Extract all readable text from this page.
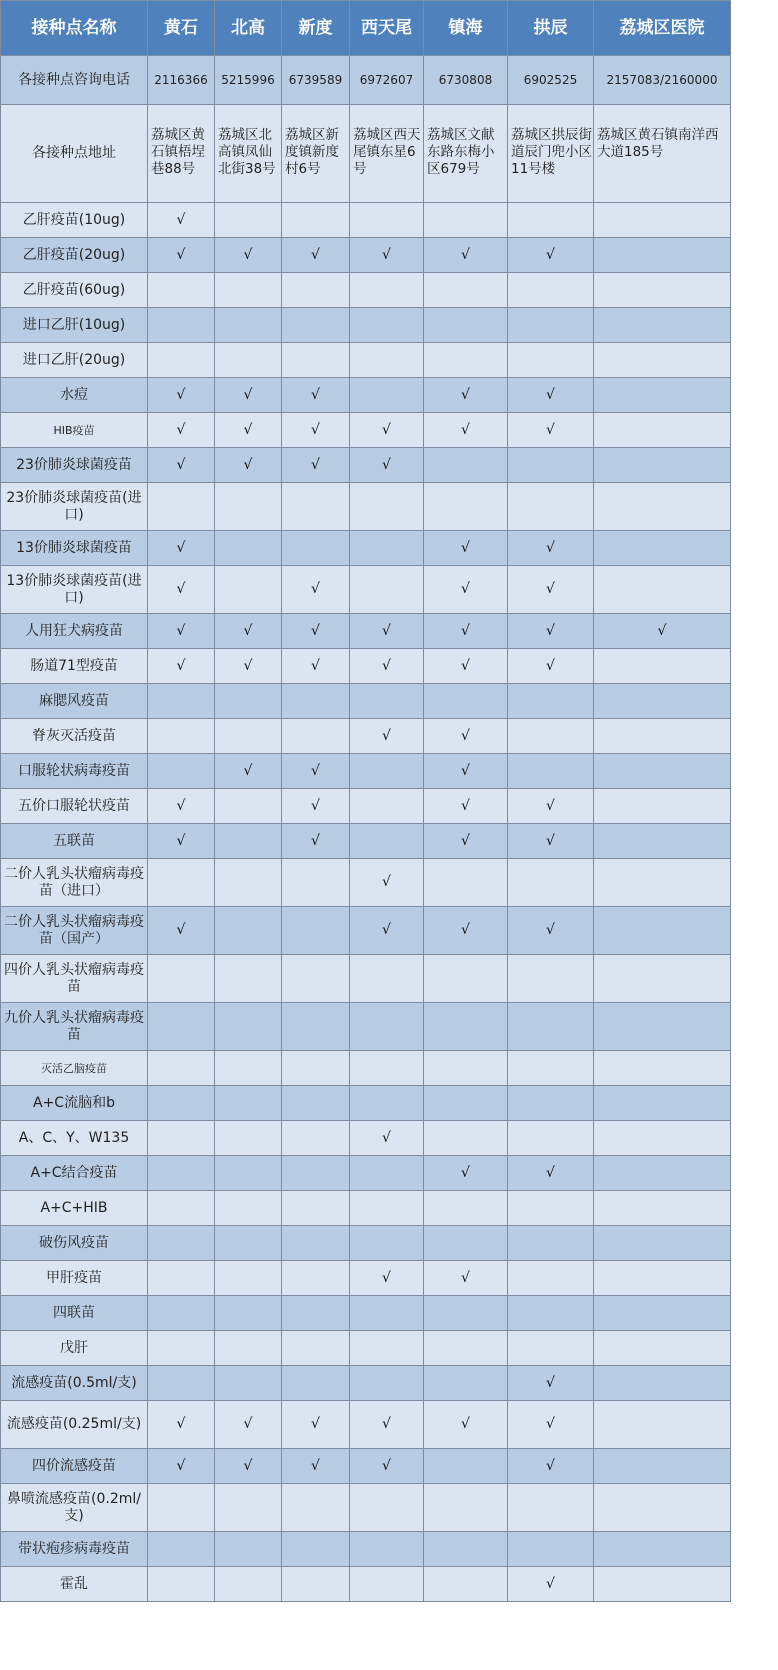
接种点名称	黄石	北高	新度	西天尾	镇海	拱辰	荔城区医院
各接种点咨询电话	2116366	5215996	6739589	6972607	6730808	6902525	2157083/2160000
各接种点地址	荔城区黄石镇梧埕巷88号	荔城区北高镇凤仙北街38号	荔城区新度镇新度村6号	荔城区西天尾镇东星6号	荔城区文献东路东梅小区679号	荔城区拱辰街道辰门兜小区11号楼	荔城区黄石镇南洋西大道185号
乙肝疫苗(10ug)	√						
乙肝疫苗(20ug)	√	√	√	√	√	√	
乙肝疫苗(60ug)							
进口乙肝(10ug)							
进口乙肝(20ug)							
水痘	√	√	√		√	√	
HIB疫苗	√	√	√	√	√	√	
23价肺炎球菌疫苗	√	√	√	√			
23价肺炎球菌疫苗(进口)							
13价肺炎球菌疫苗	√				√	√	
13价肺炎球菌疫苗(进口)	√		√		√	√	
人用狂犬病疫苗	√	√	√	√	√	√	√
肠道71型疫苗	√	√	√	√	√	√	
麻腮风疫苗							
脊灰灭活疫苗				√	√		
口服轮状病毒疫苗		√	√		√		
五价口服轮状疫苗	√		√		√	√	
五联苗	√		√		√	√	
二价人乳头状瘤病毒疫苗（进口）				√			
二价人乳头状瘤病毒疫苗（国产）	√			√	√	√	
四价人乳头状瘤病毒疫苗							
九价人乳头状瘤病毒疫苗							
灭活乙脑疫苗							
A+C流脑和b							
A、C、Y、W135				√			
A+C结合疫苗					√	√	
A+C+HIB							
破伤风疫苗							
甲肝疫苗				√	√		
四联苗							
戊肝							
流感疫苗(0.5ml/支)						√	
流感疫苗(0.25ml/支)	√	√	√	√	√	√	
四价流感疫苗	√	√	√	√		√	
鼻喷流感疫苗(0.2ml/支)							
带状疱疹病毒疫苗							
霍乱						√	
